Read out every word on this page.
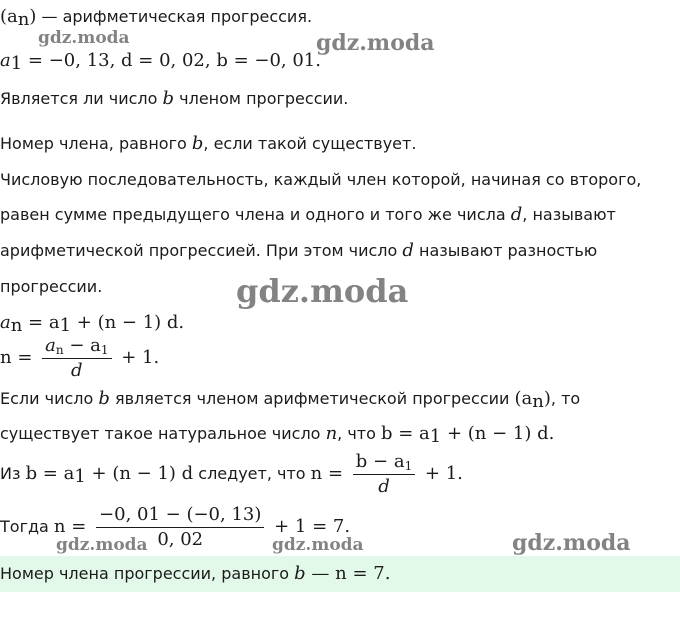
$(a_n)$ — арифметическая прогрессия.
$a_1 = -0$, 13, d = 0, 02, b = −0, 01.
Является ли число b членом прогрессии.
Номер члена, равного b, если такой существует.
Числовую последовательность, каждый член которой, начиная со второго,
равен сумме предыдущего члена и одного и того же числа d, называют
арифметической прогрессией. При этом число d называют разностью
прогрессии.
$a_n = a_1 + (n - 1)$ d.
$n = \frac{a_n - a_1}{d} + 1$.
Если число b является членом арифметической прогрессии $(a_n)$, то
существует такое натуральное число n, что $b = a_1 + (n - 1)$ d.
Из $b = a_1 + (n - 1)$ d следует, что $n = \frac{b - a_1}{d} + 1$.
Тогда $n = \frac{-0, 01 - (-0, 13)}{0, 02} + 1 = 7$.
Номер члена прогрессии, равного b — n = 7.
gdz.moda	gdz.moda
gdz.moda
gdz.moda	gdz.moda	gdz.moda
